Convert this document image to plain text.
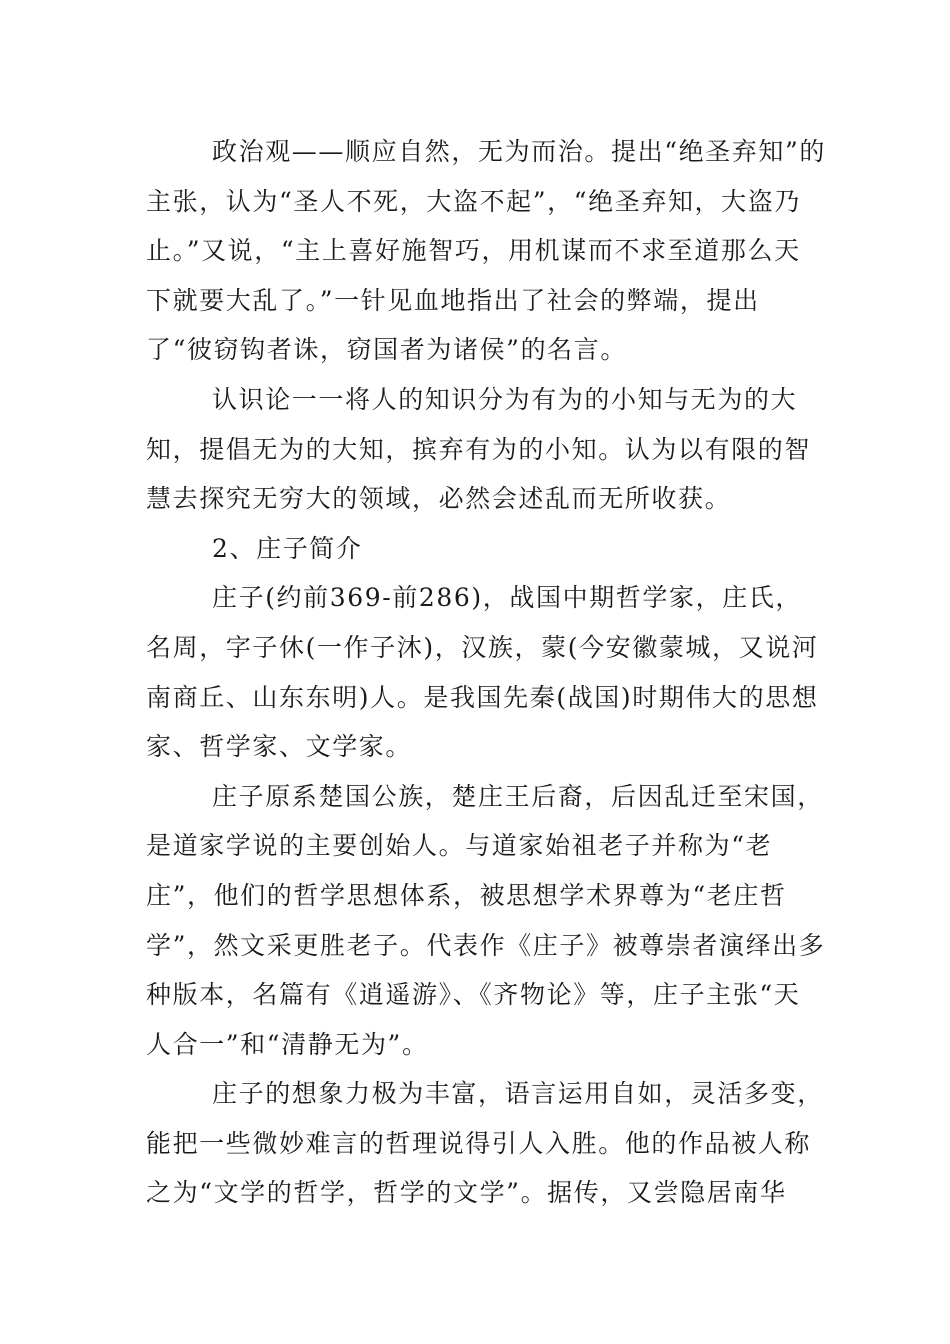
政治观——顺应自然，无为而治。提出“绝圣弃知”的主张，认为“圣人不死，大盗不起”，“绝圣弃知，大盗乃止。”又说，“主上喜好施智巧，用机谋而不求至道那么天下就要大乱了。”一针见血地指出了社会的弊端，提出了“彼窃钩者诛，窃国者为诸侯”的名言。

认识论一一将人的知识分为有为的小知与无为的大知，提倡无为的大知，摈弃有为的小知。认为以有限的智慧去探究无穷大的领域，必然会述乱而无所收获。

2、庄子简介

庄子(约前369-前286)，战国中期哲学家，庄氏，名周，字子休(一作子沐)，汉族，蒙(今安徽蒙城，又说河南商丘、山东东明)人。是我国先秦(战国)时期伟大的思想家、哲学家、文学家。

庄子原系楚国公族，楚庄王后裔，后因乱迁至宋国，是道家学说的主要创始人。与道家始祖老子并称为“老庄”，他们的哲学思想体系，被思想学术界尊为“老庄哲学”，然文采更胜老子。代表作《庄子》被尊崇者演绎出多种版本，名篇有《逍遥游》、《齐物论》等，庄子主张“天人合一”和“清静无为”。

庄子的想象力极为丰富，语言运用自如，灵活多变，能把一些微妙难言的哲理说得引人入胜。他的作品被人称之为“文学的哲学，哲学的文学”。据传，又尝隐居南华
